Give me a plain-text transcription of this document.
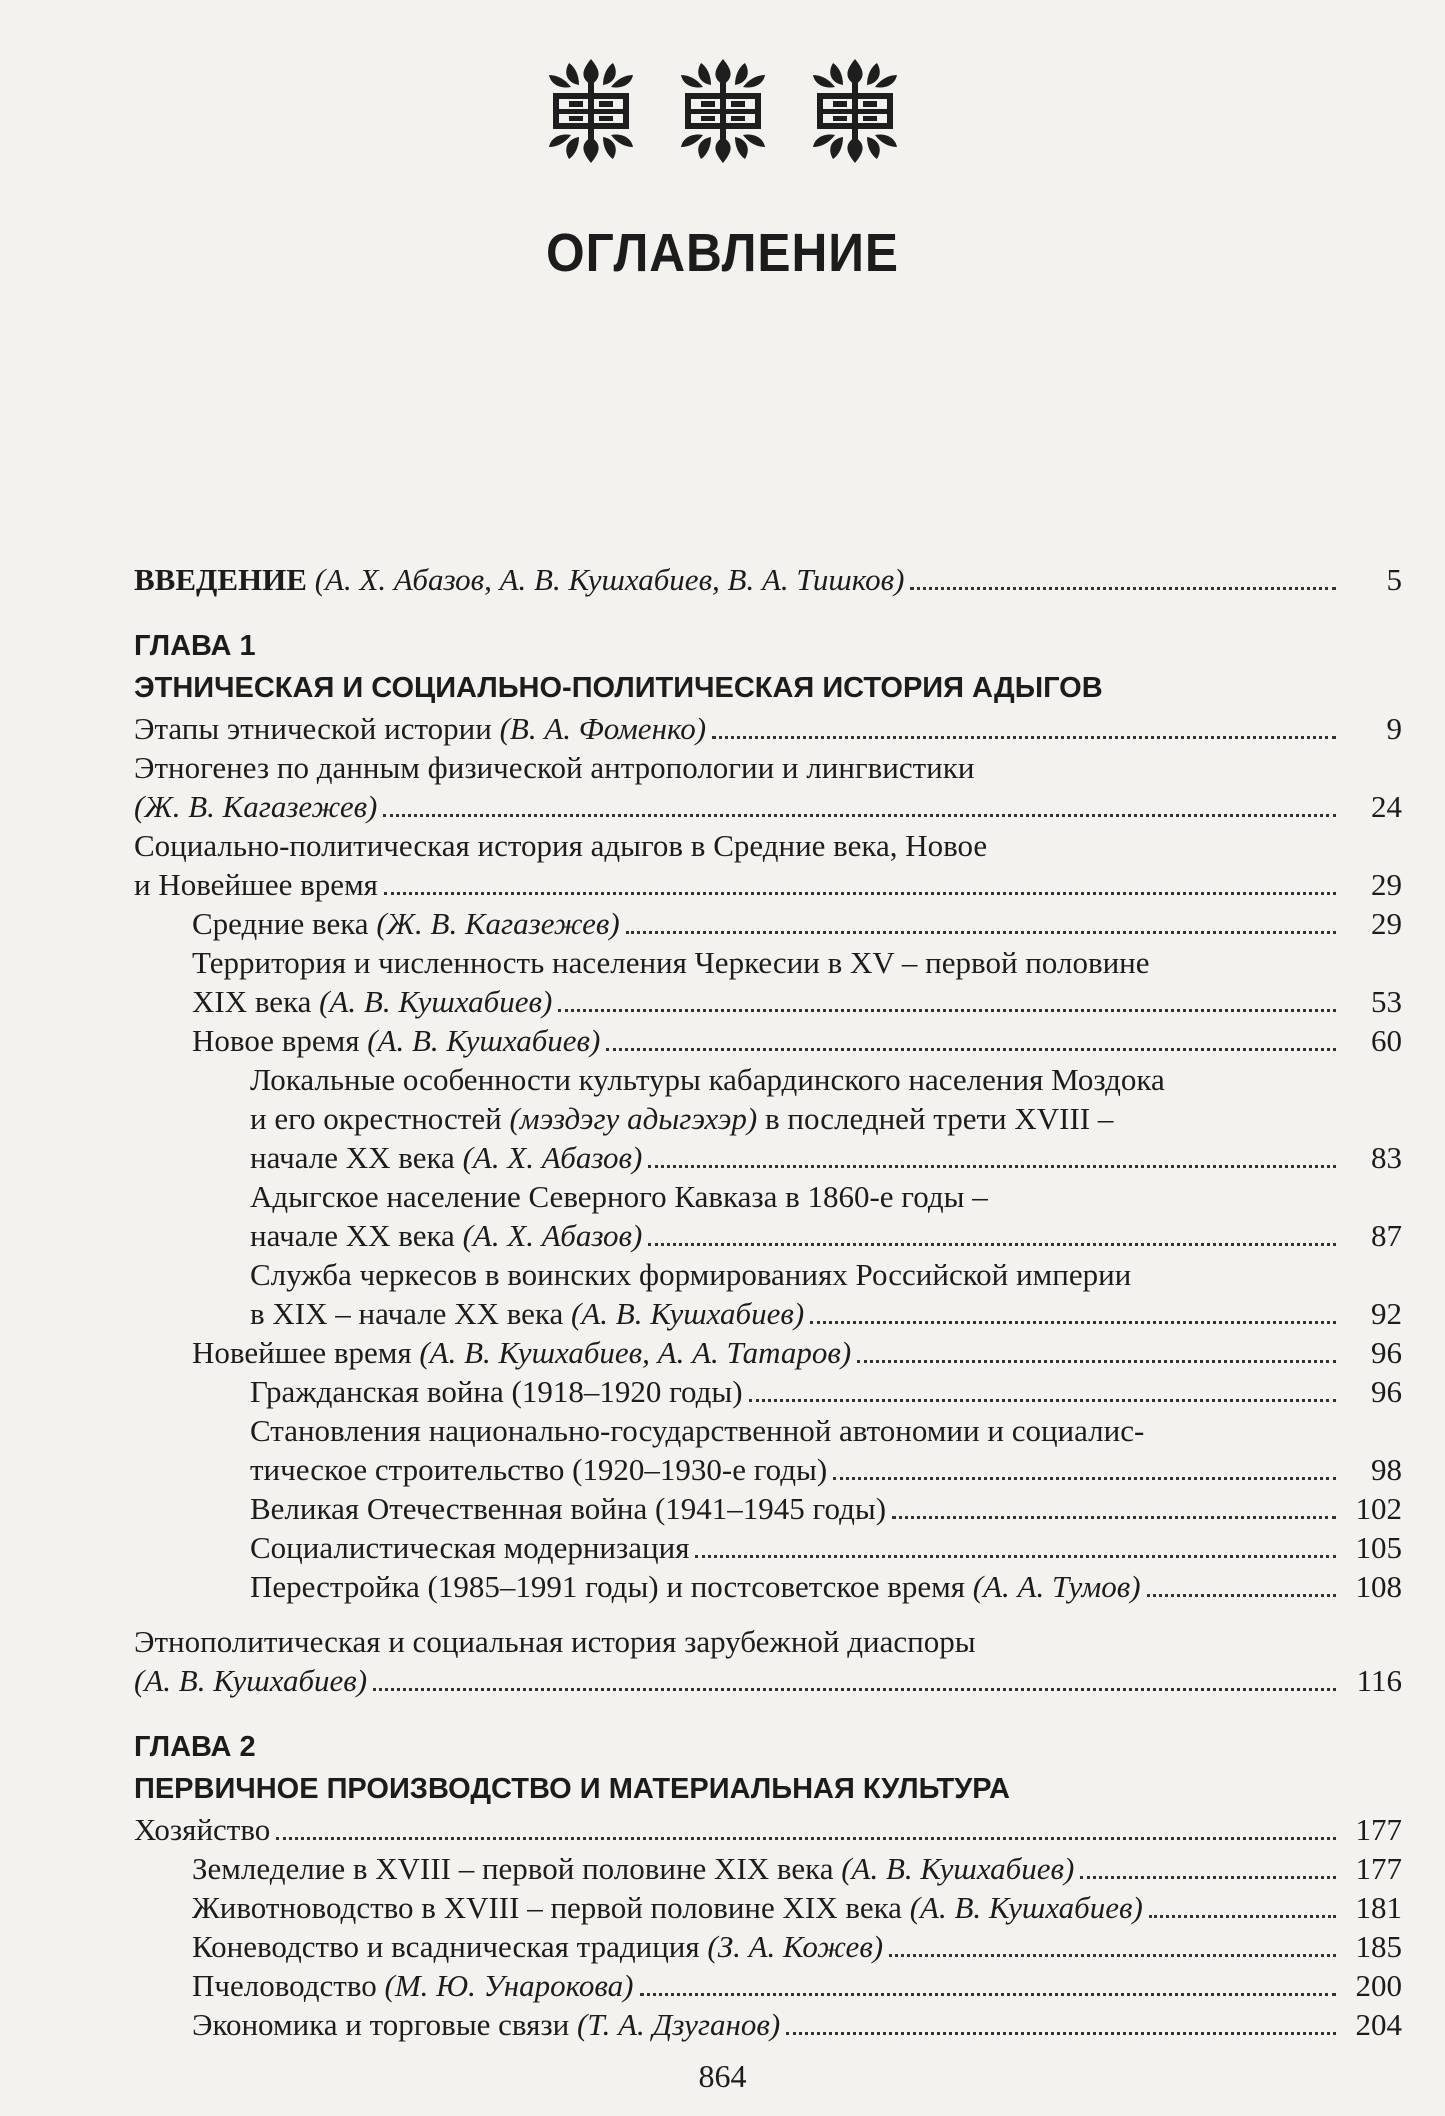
ОГЛАВЛЕНИЕ
ВВЕДЕНИЕ (А. Х. Абазов, А. В. Кушхабиев, В. А. Тишков)	5
ГЛАВА 1
ЭТНИЧЕСКАЯ И СОЦИАЛЬНО-ПОЛИТИЧЕСКАЯ ИСТОРИЯ АДЫГОВ
Этапы этнической истории (В. А. Фоменко)	9
Этногенез по данным физической антропологии и лингвистики
(Ж. В. Кагазежев)	24
Социально-политическая история адыгов в Средние века, Новое
и Новейшее время	29
Средние века (Ж. В. Кагазежев)	29
Территория и численность населения Черкесии в XV – первой половине
XIX века (А. В. Кушхабиев)	53
Новое время (А. В. Кушхабиев)	60
Локальные особенности культуры кабардинского населения Моздока
и его окрестностей (мэздэгу адыгэхэр) в последней трети XVIII –
начале XX века (А. Х. Абазов)	83
Адыгское население Северного Кавказа в 1860-е годы –
начале XX века (А. Х. Абазов)	87
Служба черкесов в воинских формированиях Российской империи
в XIX – начале XX века (А. В. Кушхабиев)	92
Новейшее время (А. В. Кушхабиев, А. А. Татаров)	96
Гражданская война (1918–1920 годы)	96
Становления национально-государственной автономии и социалис-
тическое строительство (1920–1930-е годы)	98
Великая Отечественная война (1941–1945 годы)	102
Социалистическая модернизация	105
Перестройка (1985–1991 годы) и постсоветское время (А. А. Тумов)	108
Этнополитическая и социальная история зарубежной диаспоры
(А. В. Кушхабиев)	116
ГЛАВА 2
ПЕРВИЧНОЕ ПРОИЗВОДСТВО И МАТЕРИАЛЬНАЯ КУЛЬТУРА
Хозяйство	177
Земледелие в XVIII – первой половине XIX века (А. В. Кушхабиев)	177
Животноводство в XVIII – первой половине XIX века (А. В. Кушхабиев)	181
Коневодство и всадническая традиция (З. А. Кожев)	185
Пчеловодство (М. Ю. Унарокова)	200
Экономика и торговые связи (Т. А. Дзуганов)	204
864
